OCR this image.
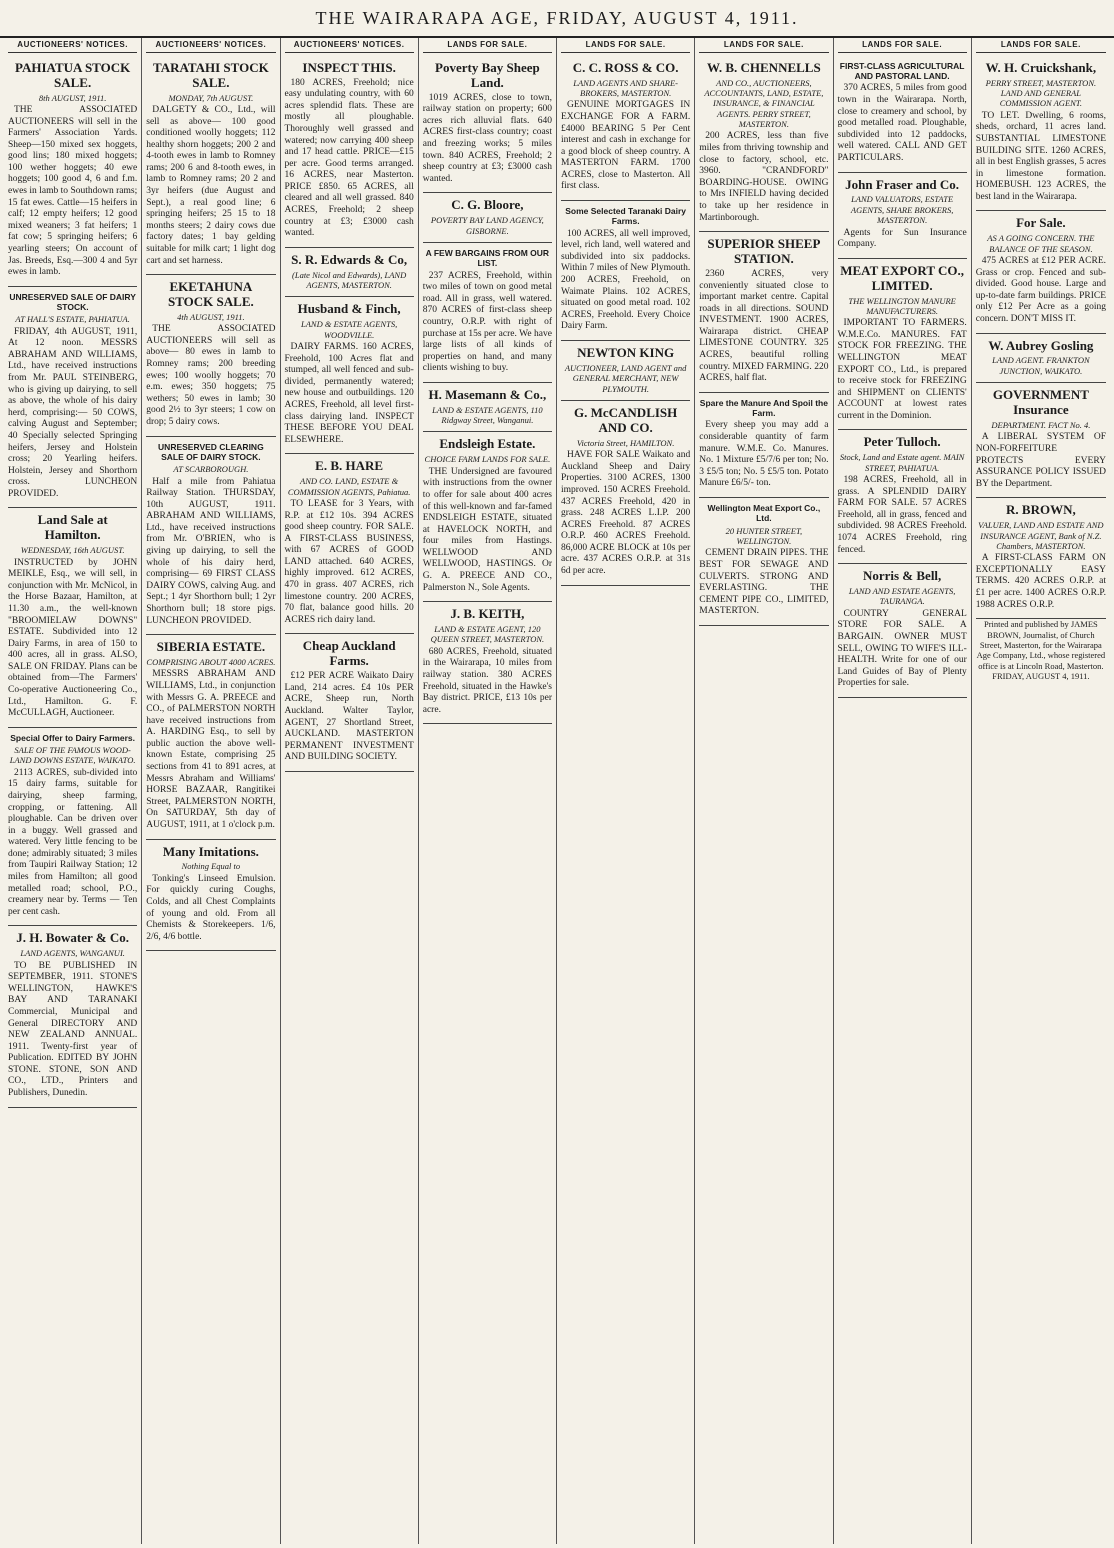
THE WAIRARAPA AGE, FRIDAY, AUGUST 4, 1911.
AUCTIONEERS' NOTICES.
PAHIATUA STOCK SALE.
8th AUGUST, 1911.

THE ASSOCIATED AUCTIONEERS will sell in the Farmers' Association Yards. Sheep—150 mixed sex hoggets, good lins; 180 mixed hoggets; 100 wether hoggets; 40 ewe hoggets; 100 good 4, 6 and f.m. ewes in lamb to Southdown rams; 15 fat ewes. Cattle—15 heifers in calf; 12 empty heifers; 12 good mixed weaners; 3 fat heifers; 1 fat cow; 5 springing heifers; 6 yearling steers; On account of Jas. Breeds, Esq.—300 4 and 5yr ewes in lamb.

UNRESERVED SALE OF DAIRY STOCK.
AT HALL'S ESTATE, PAHIATUA.

FRIDAY, 4th AUGUST, 1911, At 12 noon. MESSRS ABRAHAM AND WILLIAMS, Ltd., have received instructions from Mr. PAUL STEINBERG, who is giving up dairying, to sell as above, the whole of his dairy herd, comprising:— 50 COWS, calving August and September; 40 Specially selected Springing heifers, Jersey and Holstein cross; 20 Yearling heifers. Holstein, Jersey and Shorthorn cross. LUNCHEON PROVIDED.

Land Sale at Hamilton.
WEDNESDAY, 16th AUGUST.

INSTRUCTED by JOHN MEIKLE, Esq., we will sell, in conjunction with Mr. McNicol, in the Horse Bazaar, Hamilton, at 11.30 a.m., the well-known "BROOMIELAW DOWNS" ESTATE. Subdivided into 12 Dairy Farms, in area of 150 to 400 acres, all in grass. ALSO, SALE ON FRIDAY. Plans can be obtained from—The Farmers' Co-operative Auctioneering Co., Ltd., Hamilton. G. F. McCULLAGH, Auctioneer.

Special Offer to Dairy Farmers.
SALE OF THE FAMOUS WOOD-LAND DOWNS ESTATE, WAIKATO.

2113 ACRES, sub-divided into 15 dairy farms, suitable for dairying, sheep farming, cropping, or fattening. All ploughable. Can be driven over in a buggy. Well grassed and watered. Very little fencing to be done; admirably situated; 3 miles from Taupiri Railway Station; 12 miles from Hamilton; all good metalled road; school, P.O., creamery near by. Terms — Ten per cent cash.

J. H. Bowater & Co.
LAND AGENTS, WANGANUI.

TO BE PUBLISHED IN SEPTEMBER, 1911. STONE'S WELLINGTON, HAWKE'S BAY AND TARANAKI Commercial, Municipal and General DIRECTORY AND NEW ZEALAND ANNUAL. 1911. Twenty-first year of Publication. EDITED BY JOHN STONE. STONE, SON AND CO., LTD., Printers and Publishers, Dunedin.

AUCTIONEERS' NOTICES.
TARATAHI STOCK SALE.
MONDAY, 7th AUGUST.

DALGETY & CO., Ltd., will sell as above— 100 good conditioned woolly hoggets; 112 healthy shorn hoggets; 200 2 and 4-tooth ewes in lamb to Romney rams; 200 6 and 8-tooth ewes, in lamb to Romney rams; 20 2 and 3yr heifers (due August and Sept.), a real good line; 6 springing heifers; 25 15 to 18 months steers; 2 dairy cows due factory dates; 1 bay gelding suitable for milk cart; 1 light dog cart and set harness.

EKETAHUNA STOCK SALE.
4th AUGUST, 1911.

THE ASSOCIATED AUCTIONEERS will sell as above— 80 ewes in lamb to Romney rams; 200 breeding ewes; 100 woolly hoggets; 70 e.m. ewes; 350 hoggets; 75 wethers; 50 ewes in lamb; 30 good 2½ to 3yr steers; 1 cow on drop; 5 dairy cows.

UNRESERVED CLEARING SALE OF DAIRY STOCK.
AT SCARBOROUGH.

Half a mile from Pahiatua Railway Station. THURSDAY, 10th AUGUST, 1911. ABRAHAM AND WILLIAMS, Ltd., have received instructions from Mr. O'BRIEN, who is giving up dairying, to sell the whole of his dairy herd, comprising— 69 FIRST CLASS DAIRY COWS, calving Aug. and Sept.; 1 4yr Shorthorn bull; 1 2yr Shorthorn bull; 18 store pigs. LUNCHEON PROVIDED.

SIBERIA ESTATE.
COMPRISING ABOUT 4000 ACRES.

MESSRS ABRAHAM AND WILLIAMS, Ltd., in conjunction with Messrs G. A. PREECE and CO., of PALMERSTON NORTH have received instructions from A. HARDING Esq., to sell by public auction the above well-known Estate, comprising 25 sections from 41 to 891 acres, at Messrs Abraham and Williams' HORSE BAZAAR, Rangitikei Street, PALMERSTON NORTH, On SATURDAY, 5th day of AUGUST, 1911, at 1 o'clock p.m.

Many Imitations.
Nothing Equal to

Tonking's Linseed Emulsion. For quickly curing Coughs, Colds, and all Chest Complaints of young and old. From all Chemists & Storekeepers. 1/6, 2/6, 4/6 bottle.

AUCTIONEERS' NOTICES.
INSPECT THIS.

180 ACRES, Freehold; nice easy undulating country, with 60 acres splendid flats. These are mostly all ploughable. Thoroughly well grassed and watered; now carrying 400 sheep and 17 head cattle. PRICE—£15 per acre. Good terms arranged. 16 ACRES, near Masterton. PRICE £850. 65 ACRES, all cleared and all well grassed. 840 ACRES, Freehold; 2 sheep country at £3; £3000 cash wanted.

S. R. Edwards & Co,
(Late Nicol and Edwards), LAND AGENTS, MASTERTON.
Husband & Finch,
LAND & ESTATE AGENTS, WOODVILLE.

DAIRY FARMS. 160 ACRES, Freehold, 100 Acres flat and stumped, all well fenced and sub-divided, permanently watered; new house and outbuildings. 120 ACRES, Freehold, all level first-class dairying land. INSPECT THESE BEFORE YOU DEAL ELSEWHERE.

E. B. HARE
AND CO. LAND, ESTATE & COMMISSION AGENTS, Pahiatua.

TO LEASE for 3 Years, with R.P. at £12 10s. 394 ACRES good sheep country. FOR SALE. A FIRST-CLASS BUSINESS, with 67 ACRES of GOOD LAND attached. 640 ACRES, highly improved. 612 ACRES, 470 in grass. 407 ACRES, rich limestone country. 200 ACRES, 70 flat, balance good hills. 20 ACRES rich dairy land.

Cheap Auckland Farms.

£12 PER ACRE Waikato Dairy Land, 214 acres. £4 10s PER ACRE, Sheep run, North Auckland. Walter Taylor, AGENT, 27 Shortland Street, AUCKLAND. MASTERTON PERMANENT INVESTMENT AND BUILDING SOCIETY.

LANDS FOR SALE.
Poverty Bay Sheep Land.

1019 ACRES, close to town, railway station on property; 600 acres rich alluvial flats. 640 ACRES first-class country; coast and freezing works; 5 miles town. 840 ACRES, Freehold; 2 sheep country at £3; £3000 cash wanted.

C. G. Bloore,
POVERTY BAY LAND AGENCY, GISBORNE.
A FEW BARGAINS FROM OUR LIST.

237 ACRES, Freehold, within two miles of town on good metal road. All in grass, well watered. 870 ACRES of first-class sheep country, O.R.P. with right of purchase at 15s per acre. We have large lists of all kinds of properties on hand, and many clients wishing to buy.

H. Masemann & Co.,
LAND & ESTATE AGENTS, 110 Ridgway Street, Wanganui.
Endsleigh Estate.
CHOICE FARM LANDS FOR SALE.

THE Undersigned are favoured with instructions from the owner to offer for sale about 400 acres of this well-known and far-famed ENDSLEIGH ESTATE, situated at HAVELOCK NORTH, and four miles from Hastings. WELLWOOD AND WELLWOOD, HASTINGS. Or G. A. PREECE AND CO., Palmerston N., Sole Agents.

J. B. KEITH,
LAND & ESTATE AGENT, 120 QUEEN STREET, MASTERTON.

680 ACRES, Freehold, situated in the Wairarapa, 10 miles from railway station. 380 ACRES Freehold, situated in the Hawke's Bay district. PRICE, £13 10s per acre.

LANDS FOR SALE.
C. C. ROSS & CO.
LAND AGENTS AND SHARE-BROKERS, MASTERTON.

GENUINE MORTGAGES IN EXCHANGE FOR A FARM. £4000 BEARING 5 Per Cent interest and cash in exchange for a good block of sheep country. A MASTERTON FARM. 1700 ACRES, close to Masterton. All first class.

Some Selected Taranaki Dairy Farms.

100 ACRES, all well improved, level, rich land, well watered and subdivided into six paddocks. Within 7 miles of New Plymouth. 200 ACRES, Freehold, on Waimate Plains. 102 ACRES, situated on good metal road. 102 ACRES, Freehold. Every Choice Dairy Farm.

NEWTON KING
AUCTIONEER, LAND AGENT and GENERAL MERCHANT, NEW PLYMOUTH.
G. McCANDLISH AND CO.
Victoria Street, HAMILTON.

HAVE FOR SALE Waikato and Auckland Sheep and Dairy Properties. 3100 ACRES, 1300 improved. 150 ACRES Freehold. 437 ACRES Freehold, 420 in grass. 248 ACRES L.I.P. 200 ACRES Freehold. 87 ACRES O.R.P. 460 ACRES Freehold. 86,000 ACRE BLOCK at 10s per acre. 437 ACRES O.R.P. at 31s 6d per acre.

LANDS FOR SALE.
W. B. CHENNELLS
AND CO., AUCTIONEERS, ACCOUNTANTS, LAND, ESTATE, INSURANCE, & FINANCIAL AGENTS. PERRY STREET, MASTERTON.

200 ACRES, less than five miles from thriving township and close to factory, school, etc. 3960. "CRANDFORD" BOARDING-HOUSE. OWING to Mrs INFIELD having decided to take up her residence in Martinborough.

SUPERIOR SHEEP STATION.

2360 ACRES, very conveniently situated close to important market centre. Capital roads in all directions. SOUND INVESTMENT. 1900 ACRES, Wairarapa district. CHEAP LIMESTONE COUNTRY. 325 ACRES, beautiful rolling country. MIXED FARMING. 220 ACRES, half flat.

Spare the Manure And Spoil the Farm.

Every sheep you may add a considerable quantity of farm manure. W.M.E. Co. Manures. No. 1 Mixture £5/7/6 per ton; No. 3 £5/5 ton; No. 5 £5/5 ton. Potato Manure £6/5/- ton.

Wellington Meat Export Co., Ltd.
20 HUNTER STREET, WELLINGTON.

CEMENT DRAIN PIPES. THE BEST FOR SEWAGE AND CULVERTS. STRONG AND EVERLASTING. THE CEMENT PIPE CO., LIMITED, MASTERTON.

LANDS FOR SALE.
FIRST-CLASS AGRICULTURAL AND PASTORAL LAND.

370 ACRES, 5 miles from good town in the Wairarapa. North, close to creamery and school, by good metalled road. Ploughable, subdivided into 12 paddocks, well watered. CALL AND GET PARTICULARS.

John Fraser and Co.
LAND VALUATORS, ESTATE AGENTS, SHARE BROKERS, MASTERTON.

Agents for Sun Insurance Company.

MEAT EXPORT CO., LIMITED.
THE WELLINGTON MANURE MANUFACTURERS.

IMPORTANT TO FARMERS. W.M.E.Co. MANURES. FAT STOCK FOR FREEZING. THE WELLINGTON MEAT EXPORT CO., Ltd., is prepared to receive stock for FREEZING and SHIPMENT on CLIENTS' ACCOUNT at lowest rates current in the Dominion.

Peter Tulloch.
Stock, Land and Estate agent. MAIN STREET, PAHIATUA.

198 ACRES, Freehold, all in grass. A SPLENDID DAIRY FARM FOR SALE. 57 ACRES Freehold, all in grass, fenced and subdivided. 98 ACRES Freehold. 1074 ACRES Freehold, ring fenced.

Norris & Bell,
LAND AND ESTATE AGENTS, TAURANGA.

COUNTRY GENERAL STORE FOR SALE. A BARGAIN. OWNER MUST SELL, OWING TO WIFE'S ILL-HEALTH. Write for one of our Land Guides of Bay of Plenty Properties for sale.

LANDS FOR SALE.
W. H. Cruickshank,
PERRY STREET, MASTERTON. LAND AND GENERAL COMMISSION AGENT.

TO LET. Dwelling, 6 rooms, sheds, orchard, 11 acres land. SUBSTANTIAL LIMESTONE BUILDING SITE. 1260 ACRES, all in best English grasses, 5 acres in limestone formation. HOMEBUSH. 123 ACRES, the best land in the Wairarapa.

For Sale.
AS A GOING CONCERN. THE BALANCE OF THE SEASON.

475 ACRES at £12 PER ACRE. Grass or crop. Fenced and sub-divided. Good house. Large and up-to-date farm buildings. PRICE only £12 Per Acre as a going concern. DON'T MISS IT.

W. Aubrey Gosling
LAND AGENT. FRANKTON JUNCTION, WAIKATO.
GOVERNMENT Insurance
DEPARTMENT. FACT No. 4.

A LIBERAL SYSTEM OF NON-FORFEITURE PROTECTS EVERY ASSURANCE POLICY ISSUED BY the Department.

R. BROWN,
VALUER, LAND AND ESTATE AND INSURANCE AGENT, Bank of N.Z. Chambers, MASTERTON.

A FIRST-CLASS FARM ON EXCEPTIONALLY EASY TERMS. 420 ACRES O.R.P. at £1 per acre. 1400 ACRES O.R.P. 1988 ACRES O.R.P.

Printed and published by JAMES BROWN, Journalist, of Church Street, Masterton, for the Wairarapa Age Company, Ltd., whose registered office is at Lincoln Road, Masterton. FRIDAY, AUGUST 4, 1911.
